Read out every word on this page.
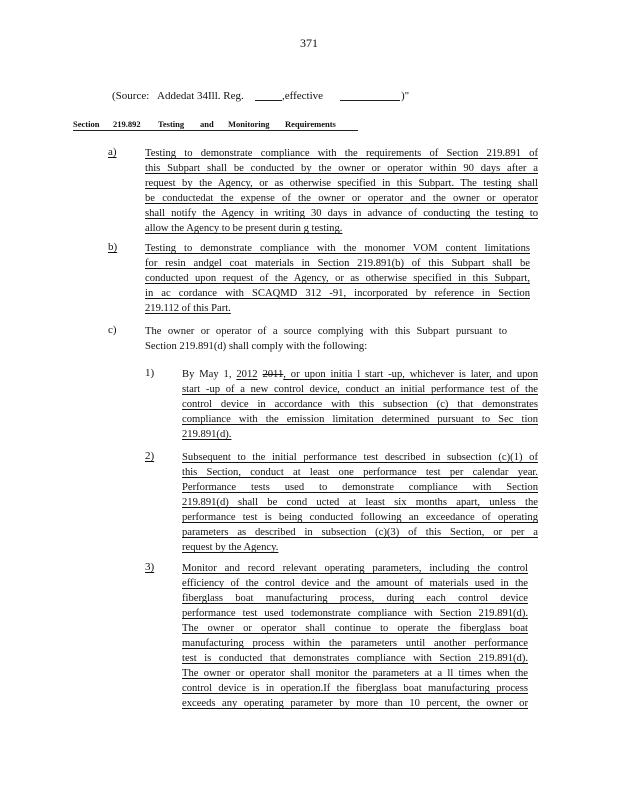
371
(Source: Addedat 34Ill. Reg.	,effective	)"
Section 219.892 Testing and Monitoring Requirements
a)	Testing to demonstrate compliance with the requirements of Section 219.891 of
this Subpart shall be conducted by the owner or operator within 90 days after a
request by the Agency, or as otherwise specified in this Subpart. The testing shall
be conductedat the expense of the owner or operator and the owner or operator
shall notify the Agency in writing 30 days in advance of conducting the testing to
allow the Agency to be present durin g testing.
b)	Testing to demonstrate compliance with the monomer VOM content limitations
for resin andgel coat materials in Section 219.891(b) of this Subpart shall be
conducted upon request of the Agency, or as otherwise specified in this Subpart,
in ac cordance with SCAQMD 312 -91, incorporated by reference in Section
219.112 of this Part.
c)	The owner or operator of a source complying with this Subpart pursuant to
Section 219.891(d) shall comply with the following:
1)	By May 1, 2012 2011, or upon initia l start -up, whichever is later, and upon
start -up of a new control device, conduct an initial performance test of the
control device in accordance with this subsection (c) that demonstrates
compliance with the emission limitation determined pursuant to Sec tion
219.891(d).
2)	Subsequent to the initial performance test described in subsection (c)(1) of
this Section, conduct at least one performance test per calendar year.
Performance tests used to demonstrate compliance with Section
219.891(d) shall be cond ucted at least six months apart, unless the
performance test is being conducted following an exceedance of operating
parameters as described in subsection (c)(3) of this Section, or per a
request by the Agency.
3)	Monitor and record relevant operating parameters, including the control
efficiency of the control device and the amount of materials used in the
fiberglass boat manufacturing process, during each control device
performance test used todemonstrate compliance with Section 219.891(d).
The owner or operator shall continue to operate the fiberglass boat
manufacturing process within the parameters until another performance
test is conducted that demonstrates compliance with Section 219.891(d).
The owner or operator shall monitor the parameters at a ll times when the
control device is in operation.If the fiberglass boat manufacturing process
exceeds any operating parameter by more than 10 percent, the owner or
